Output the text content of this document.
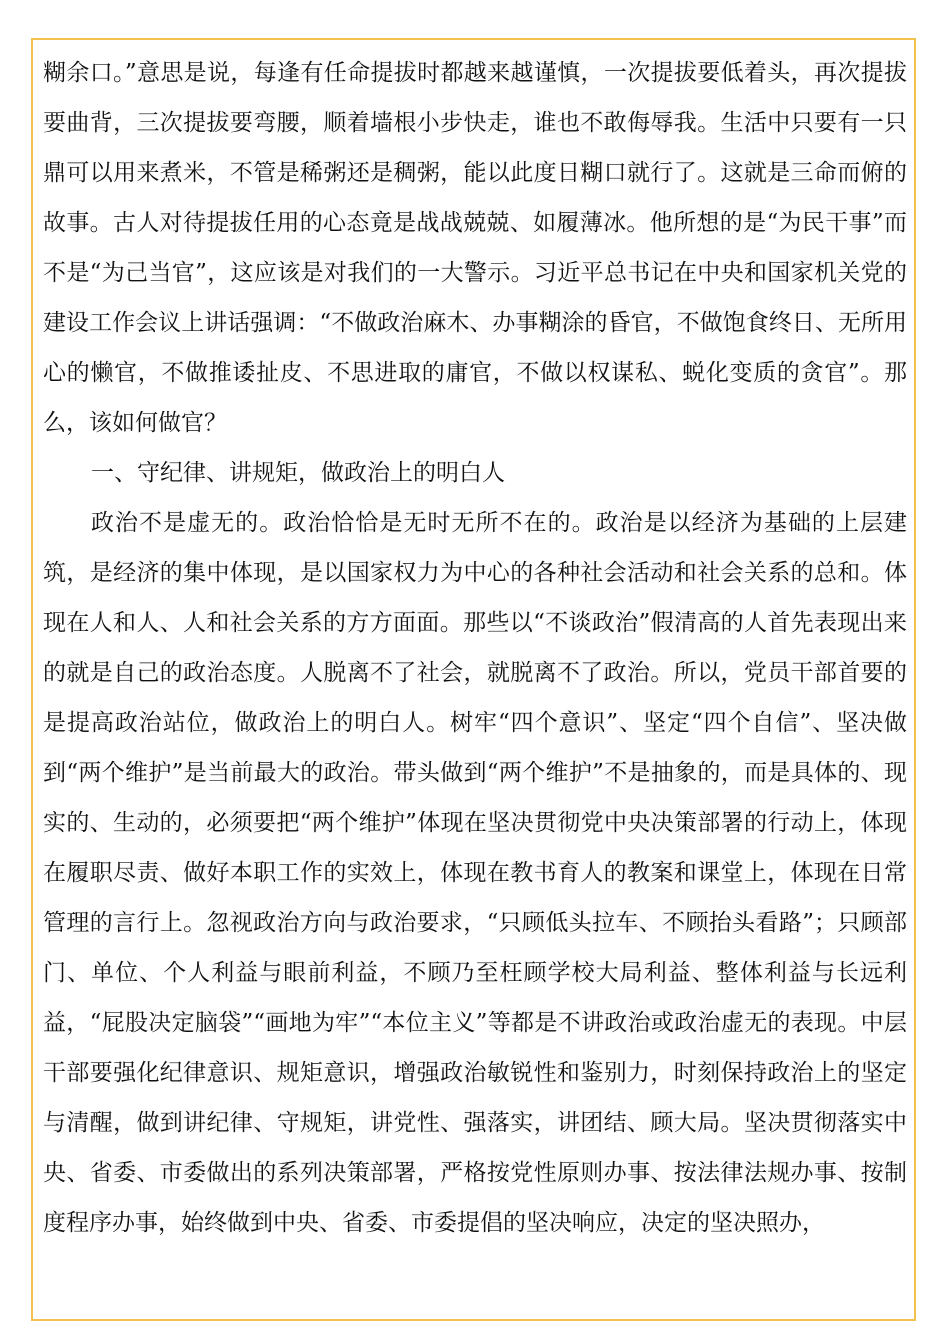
糊余口。”意思是说，每逢有任命提拔时都越来越谨慎，一次提拔要低着头，再次提拔要曲背，三次提拔要弯腰，顺着墙根小步快走，谁也不敢侮辱我。生活中只要有一只鼎可以用来煮米，不管是稀粥还是稠粥，能以此度日糊口就行了。这就是三命而俯的故事。古人对待提拔任用的心态竟是战战兢兢、如履薄冰。他所想的是“为民干事”而不是“为己当官”，这应该是对我们的一大警示。习近平总书记在中央和国家机关党的建设工作会议上讲话强调：“不做政治麻木、办事糊涂的昏官，不做饱食终日、无所用心的懒官，不做推诿扯皮、不思进取的庸官，不做以权谋私、蜕化变质的贪官”。那么，该如何做官？

一、守纪律、讲规矩，做政治上的明白人

政治不是虚无的。政治恰恰是无时无所不在的。政治是以经济为基础的上层建筑，是经济的集中体现，是以国家权力为中心的各种社会活动和社会关系的总和。体现在人和人、人和社会关系的方方面面。那些以“不谈政治”假清高的人首先表现出来的就是自己的政治态度。人脱离不了社会，就脱离不了政治。所以，党员干部首要的是提高政治站位，做政治上的明白人。树牢“四个意识”、坚定“四个自信”、坚决做到“两个维护”是当前最大的政治。带头做到“两个维护”不是抽象的，而是具体的、现实的、生动的，必须要把“两个维护”体现在坚决贯彻党中央决策部署的行动上，体现在履职尽责、做好本职工作的实效上，体现在教书育人的教案和课堂上，体现在日常管理的言行上。忽视政治方向与政治要求，“只顾低头拉车、不顾抬头看路”；只顾部门、单位、个人利益与眼前利益，不顾乃至枉顾学校大局利益、整体利益与长远利益，“屁股决定脑袋”“画地为牢”“本位主义”等都是不讲政治或政治虚无的表现。中层干部要强化纪律意识、规矩意识，增强政治敏锐性和鉴别力，时刻保持政治上的坚定与清醒，做到讲纪律、守规矩，讲党性、强落实，讲团结、顾大局。坚决贯彻落实中央、省委、市委做出的系列决策部署，严格按党性原则办事、按法律法规办事、按制度程序办事，始终做到中央、省委、市委提倡的坚决响应，决定的坚决照办，
